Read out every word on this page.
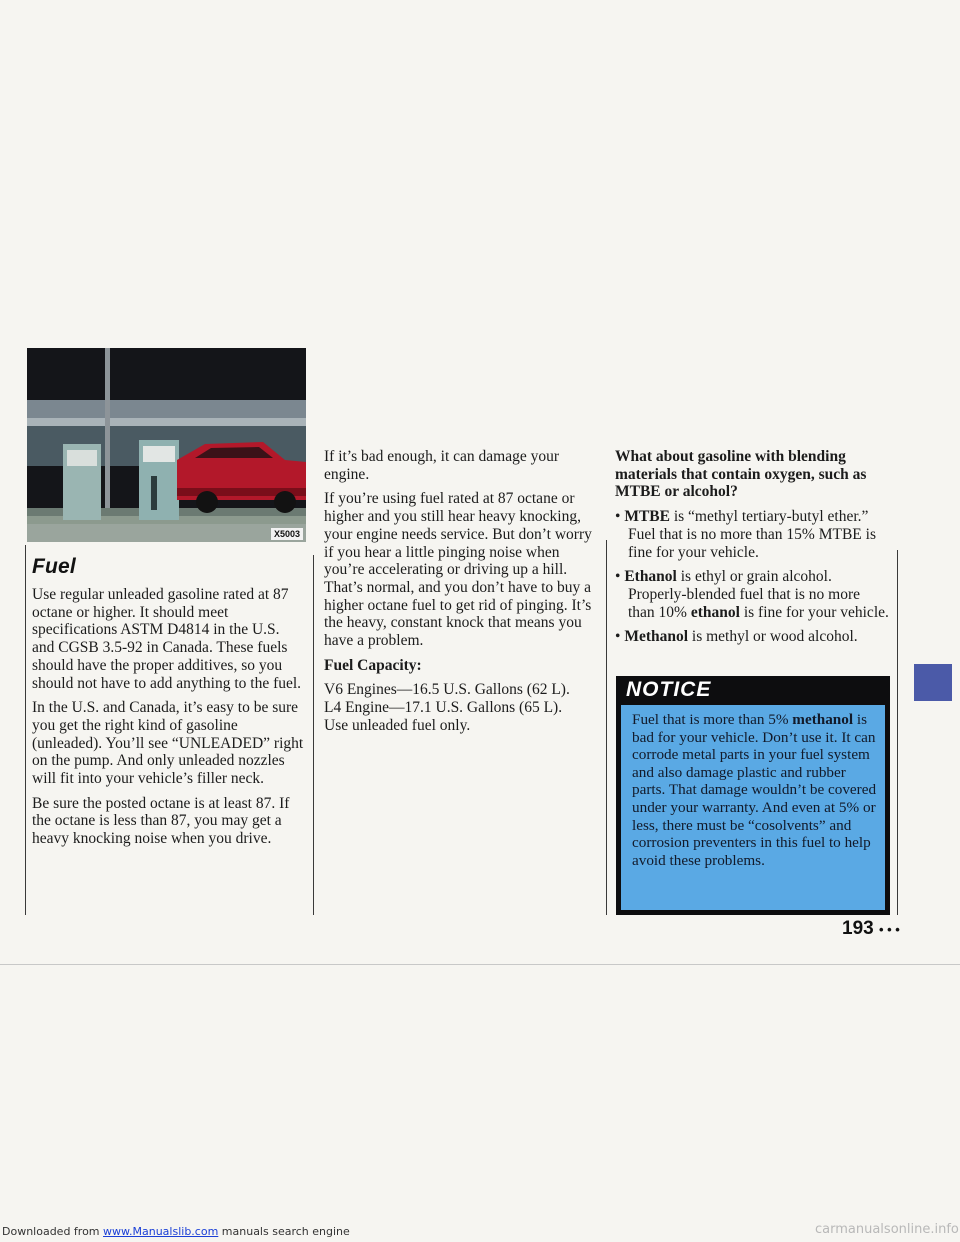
X5003
Fuel

Use regular unleaded gasoline rated at 87 octane or higher. It should meet specifications ASTM D4814 in the U.S. and CGSB 3.5-92 in Canada. These fuels should have the proper additives, so you should not have to add anything to the fuel.

In the U.S. and Canada, it’s easy to be sure you get the right kind of gasoline (unleaded). You’ll see “UNLEADED” right on the pump. And only unleaded nozzles will fit into your vehicle’s filler neck.

Be sure the posted octane is at least 87. If the octane is less than 87, you may get a heavy knocking noise when you drive.

If it’s bad enough, it can damage your engine.

If you’re using fuel rated at 87 octane or higher and you still hear heavy knocking, your engine needs service. But don’t worry if you hear a little pinging noise when you’re accelerating or driving up a hill. That’s normal, and you don’t have to buy a higher octane fuel to get rid of pinging. It’s the heavy, constant knock that means you have a problem.

Fuel Capacity:

V6 Engines—16.5 U.S. Gallons (62 L).
L4 Engine—17.1 U.S. Gallons (65 L).
Use unleaded fuel only.

What about gasoline with blending materials that contain oxygen, such as MTBE or alcohol?

• MTBE is “methyl tertiary-butyl ether.” Fuel that is no more than 15% MTBE is fine for your vehicle.

• Ethanol is ethyl or grain alcohol. Properly-blended fuel that is no more than 10% ethanol is fine for your vehicle.

• Methanol is methyl or wood alcohol.

NOTICE
Fuel that is more than 5% methanol is bad for your vehicle. Don’t use it. It can corrode metal parts in your fuel system and also damage plastic and rubber parts. That damage wouldn’t be covered under your warranty. And even at 5% or less, there must be “cosolvents” and corrosion preventers in this fuel to help avoid these problems.
193 • • •
Downloaded from www.Manualslib.com manuals search engine	carmanualsonline.info
